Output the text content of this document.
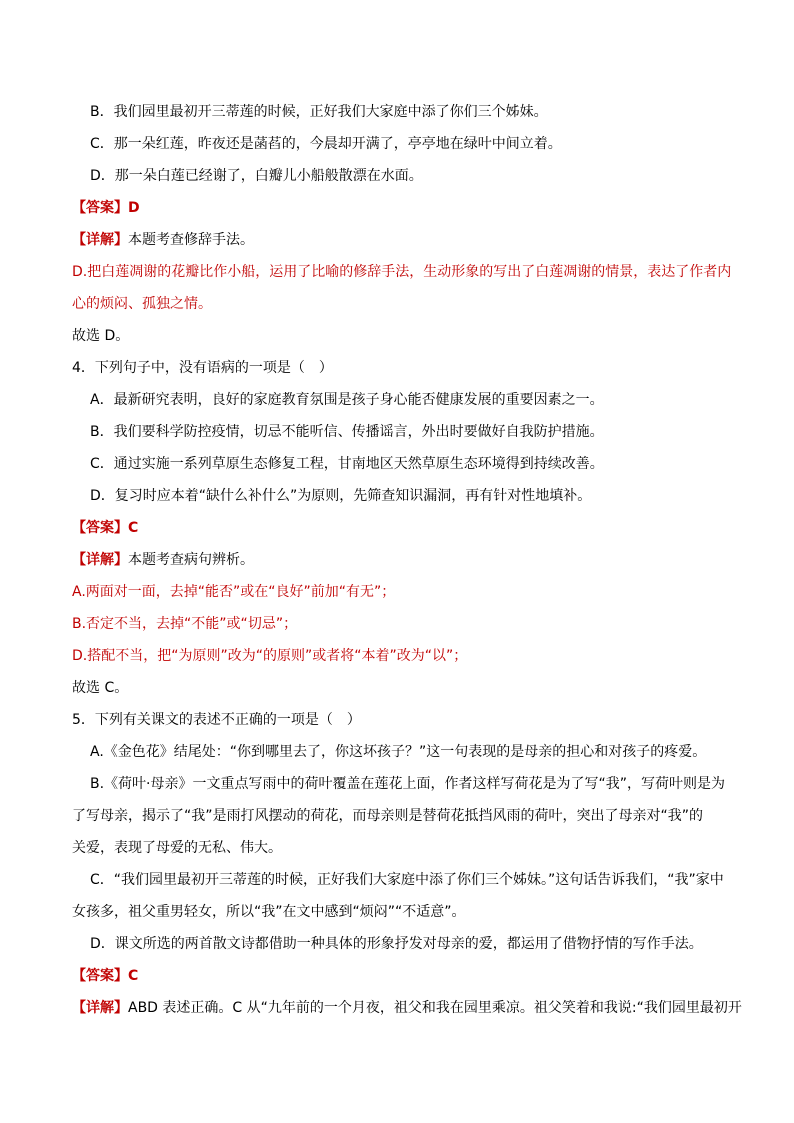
B．我们园里最初开三蒂莲的时候，正好我们大家庭中添了你们三个姊妹。
C．那一朵红莲，昨夜还是菡萏的，今晨却开满了，亭亭地在绿叶中间立着。
D．那一朵白莲已经谢了，白瓣儿小船般散漂在水面。
【答案】D
【详解】本题考查修辞手法。
D.把白莲凋谢的花瓣比作小船，运用了比喻的修辞手法，生动形象的写出了白莲凋谢的情景，表达了作者内
心的烦闷、孤独之情。
故选 D。
4．下列句子中，没有语病的一项是（　）
A．最新研究表明，良好的家庭教育氛围是孩子身心能否健康发展的重要因素之一。
B．我们要科学防控疫情，切忌不能听信、传播谣言，外出时要做好自我防护措施。
C．通过实施一系列草原生态修复工程，甘南地区天然草原生态环境得到持续改善。
D．复习时应本着“缺什么补什么”为原则，先筛查知识漏洞，再有针对性地填补。
【答案】C
【详解】本题考查病句辨析。
A.两面对一面，去掉“能否”或在“良好”前加“有无”；
B.否定不当，去掉“不能”或“切忌”；
D.搭配不当，把“为原则”改为“的原则”或者将“本着”改为“以”；
故选 C。
5．下列有关课文的表述不正确的一项是（　）
A.《金色花》结尾处：“你到哪里去了，你这坏孩子？”这一句表现的是母亲的担心和对孩子的疼爱。
B.《荷叶·母亲》一文重点写雨中的荷叶覆盖在莲花上面，作者这样写荷花是为了写“我”，写荷叶则是为
了写母亲，揭示了“我”是雨打风摆动的荷花，而母亲则是替荷花抵挡风雨的荷叶，突出了母亲对“我”的
关爱，表现了母爱的无私、伟大。
C．“我们园里最初开三蒂莲的时候，正好我们大家庭中添了你们三个姊妹。”这句话告诉我们，“我”家中
女孩多，祖父重男轻女，所以“我”在文中感到“烦闷”“不适意”。
D．课文所选的两首散文诗都借助一种具体的形象抒发对母亲的爱，都运用了借物抒情的写作手法。
【答案】C
【详解】ABD 表述正确。C 从“九年前的一个月夜，祖父和我在园里乘凉。祖父笑着和我说:“我们园里最初开
